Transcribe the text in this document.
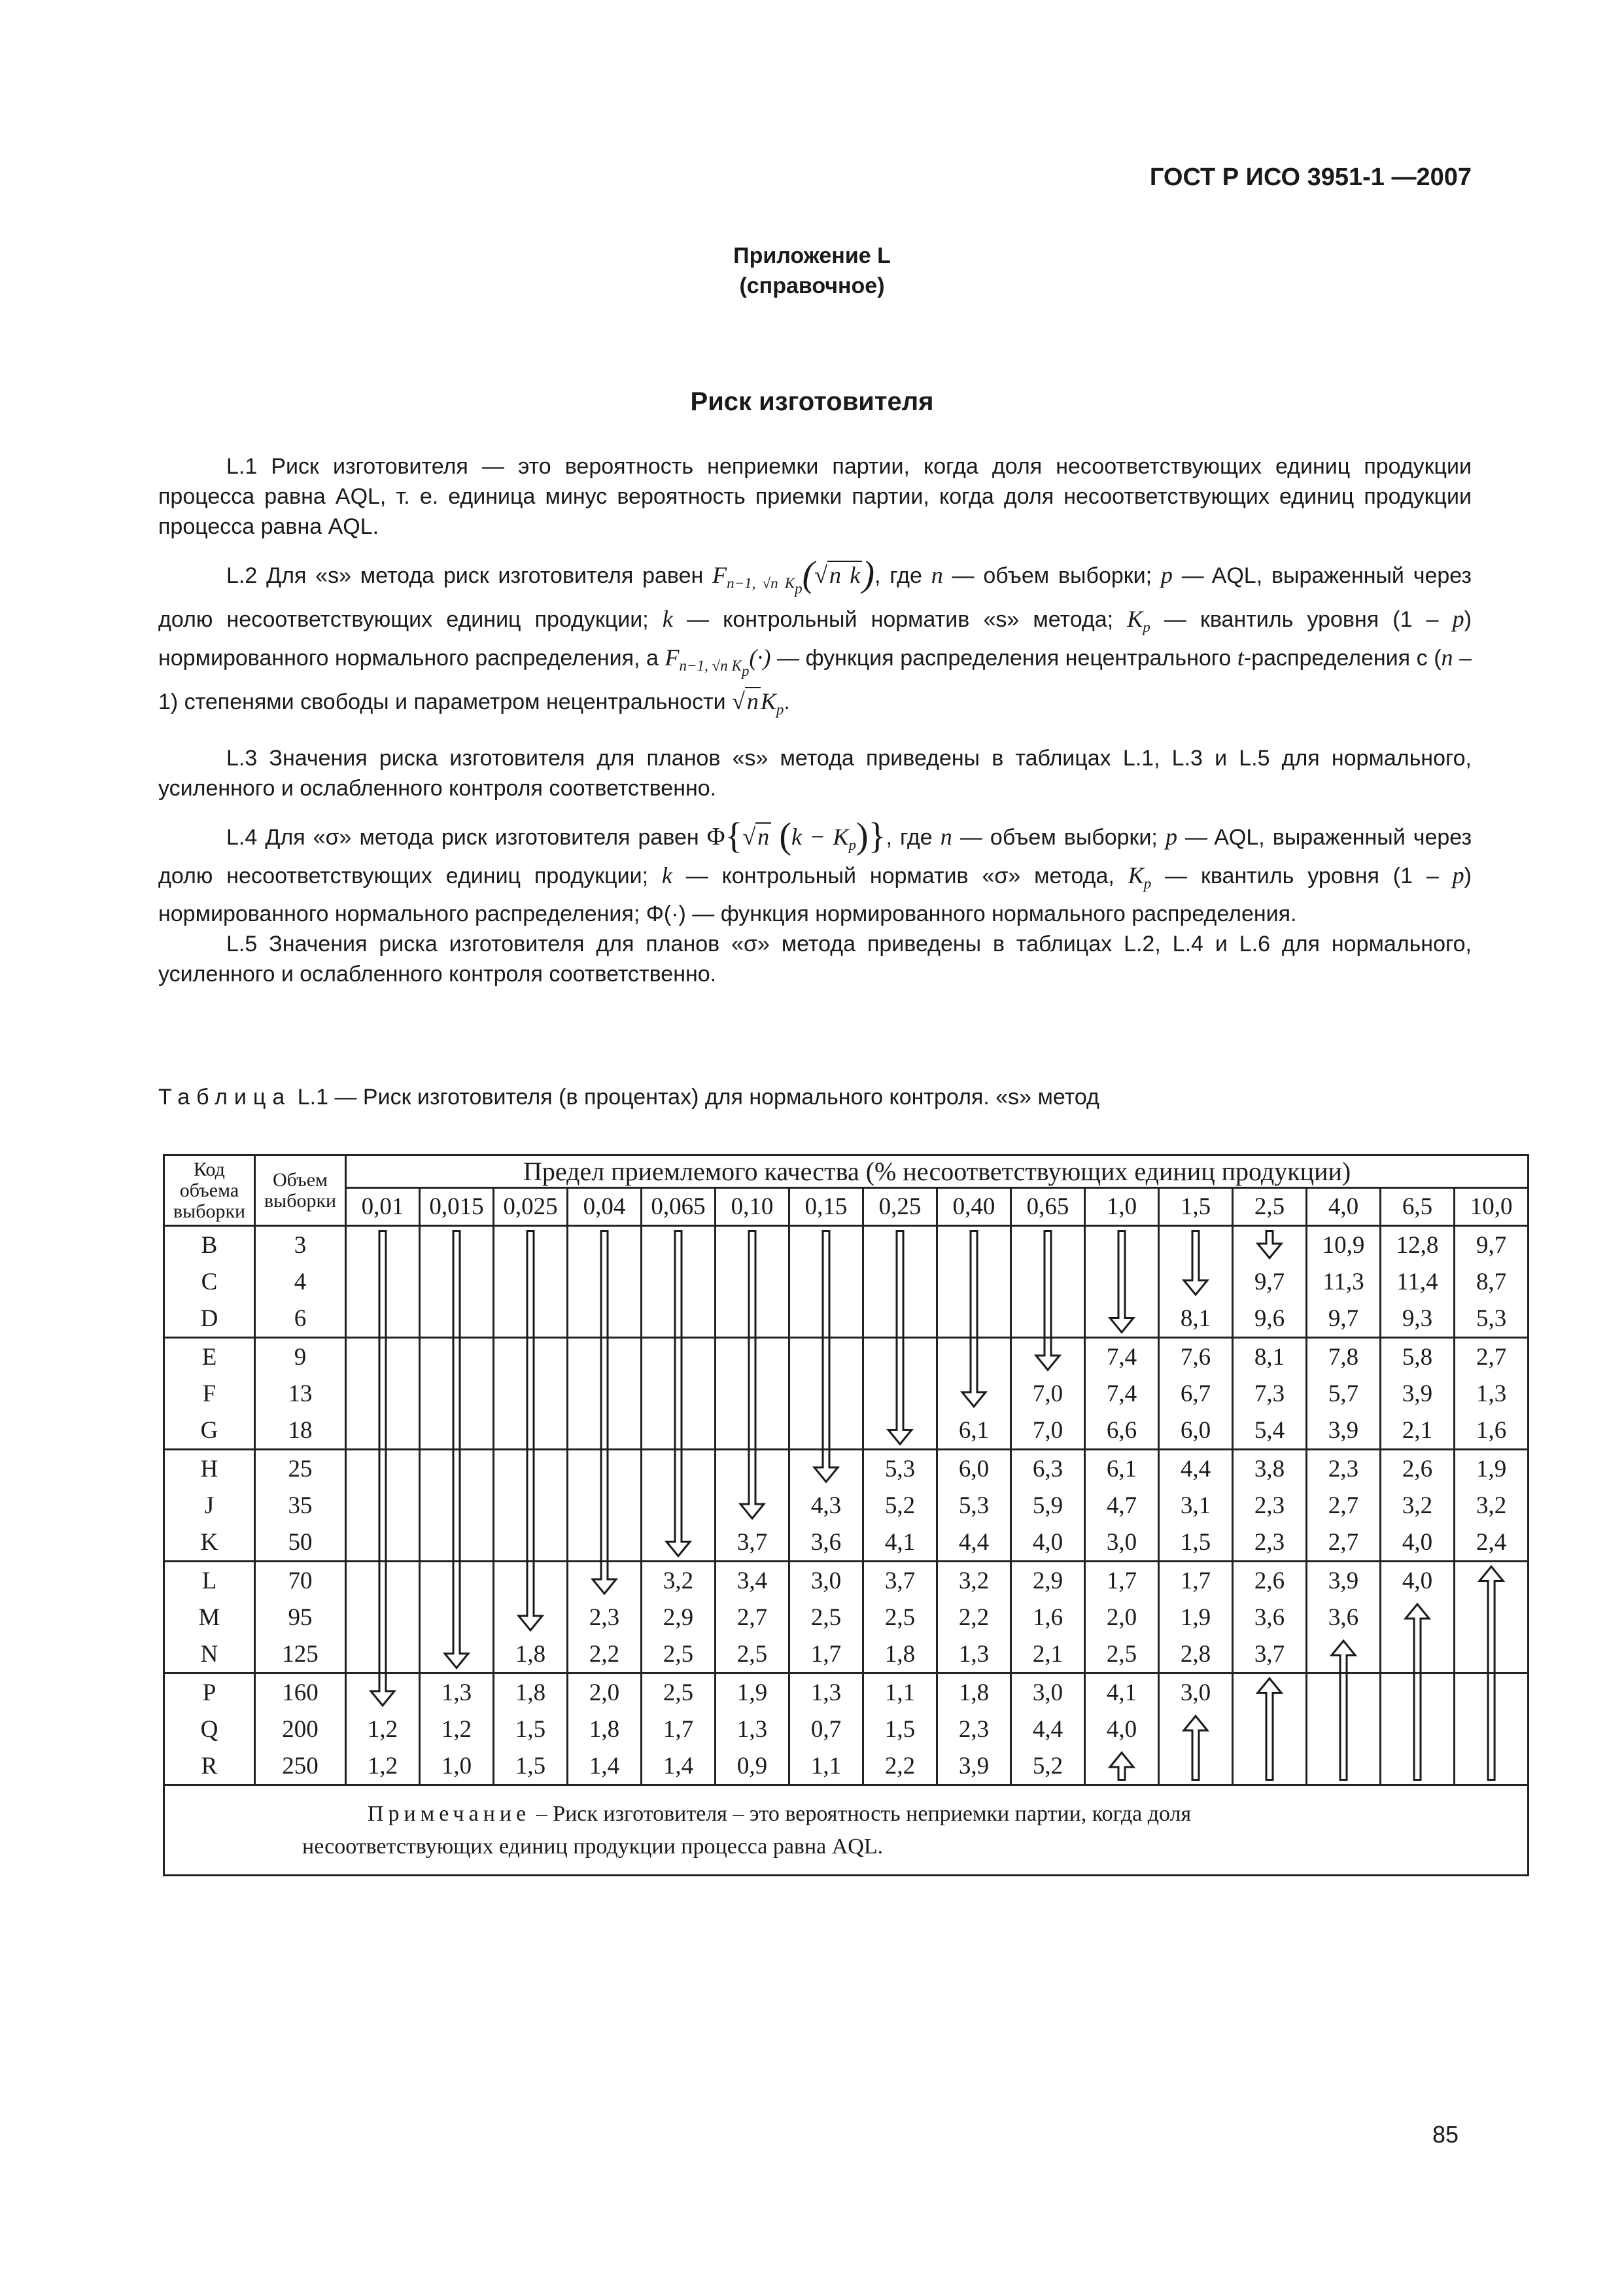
ГОСТ Р ИСО 3951-1 —2007
Приложение L
(справочное)
Риск изготовителя

L.1 Риск изготовителя — это вероятность неприемки партии, когда доля несоответствующих единиц продукции процесса равна AQL, т. е. единица минус вероятность приемки партии, когда доля несоответствующих единиц продукции процесса равна AQL.

L.2 Для «s» метода риск изготовителя равен $F_{n-1, √n Kp}(√n$ k), где n — объем выборки; p — AQL, выраженный через долю несоответствующих единиц продукции; k — контрольный норматив «s» метода; $K_p$ — квантиль уровня (1 – p) нормированного нормального распределения, а $F_{n-1, √n Kp}(\cdot)$ — функция распределения нецентрального t-распределения с (n – 1) степенями свободы и параметром нецентральности $√nK_p$.

L.3 Значения риска изготовителя для планов «s» метода приведены в таблицах L.1, L.3 и L.5 для нормального, усиленного и ослабленного контроля соответственно.

L.4 Для «σ» метода риск изготовителя равен Φ{√n $(k - K_p)$}, где n — объем выборки; p — AQL, выраженный через долю несоответствующих единиц продукции; k — контрольный норматив «σ» метода, $K_p$ — квантиль уровня (1 – p) нормированного нормального распределения; Φ(·) — функция нормированного нормального распределения.

L.5 Значения риска изготовителя для планов «σ» метода приведены в таблицах L.2, L.4 и L.6 для нормального, усиленного и ослабленного контроля соответственно.

Таблица L.1 — Риск изготовителя (в процентах) для нормального контроля. «s» метод
Код объема выборки	Объем выборки	Предел приемлемого качества (% несоответствующих единиц продукции)															
		0,01	0,015	0,025	0,04	0,065	0,10	0,15	0,25	0,40	0,65	1,0	1,5	2,5	4,0	6,5	10,0
B	3														10,9	12,8	9,7
C	4													9,7	11,3	11,4	8,7
D	6												8,1	9,6	9,7	9,3	5,3
E	9											7,4	7,6	8,1	7,8	5,8	2,7
F	13										7,0	7,4	6,7	7,3	5,7	3,9	1,3
G	18									6,1	7,0	6,6	6,0	5,4	3,9	2,1	1,6
H	25								5,3	6,0	6,3	6,1	4,4	3,8	2,3	2,6	1,9
J	35							4,3	5,2	5,3	5,9	4,7	3,1	2,3	2,7	3,2	3,2
K	50						3,7	3,6	4,1	4,4	4,0	3,0	1,5	2,3	2,7	4,0	2,4
L	70					3,2	3,4	3,0	3,7	3,2	2,9	1,7	1,7	2,6	3,9	4,0	
M	95				2,3	2,9	2,7	2,5	2,5	2,2	1,6	2,0	1,9	3,6	3,6		
N	125			1,8	2,2	2,5	2,5	1,7	1,8	1,3	2,1	2,5	2,8	3,7			
P	160		1,3	1,8	2,0	2,5	1,9	1,3	1,1	1,8	3,0	4,1	3,0				
Q	200	1,2	1,2	1,5	1,8	1,7	1,3	0,7	1,5	2,3	4,4	4,0					
R	250	1,2	1,0	1,5	1,4	1,4	0,9	1,1	2,2	3,9	5,2						
Примечание – Риск изготовителя – это вероятность неприемки партии, когда доля
несоответствующих единиц продукции процесса равна AQL.																	
85
